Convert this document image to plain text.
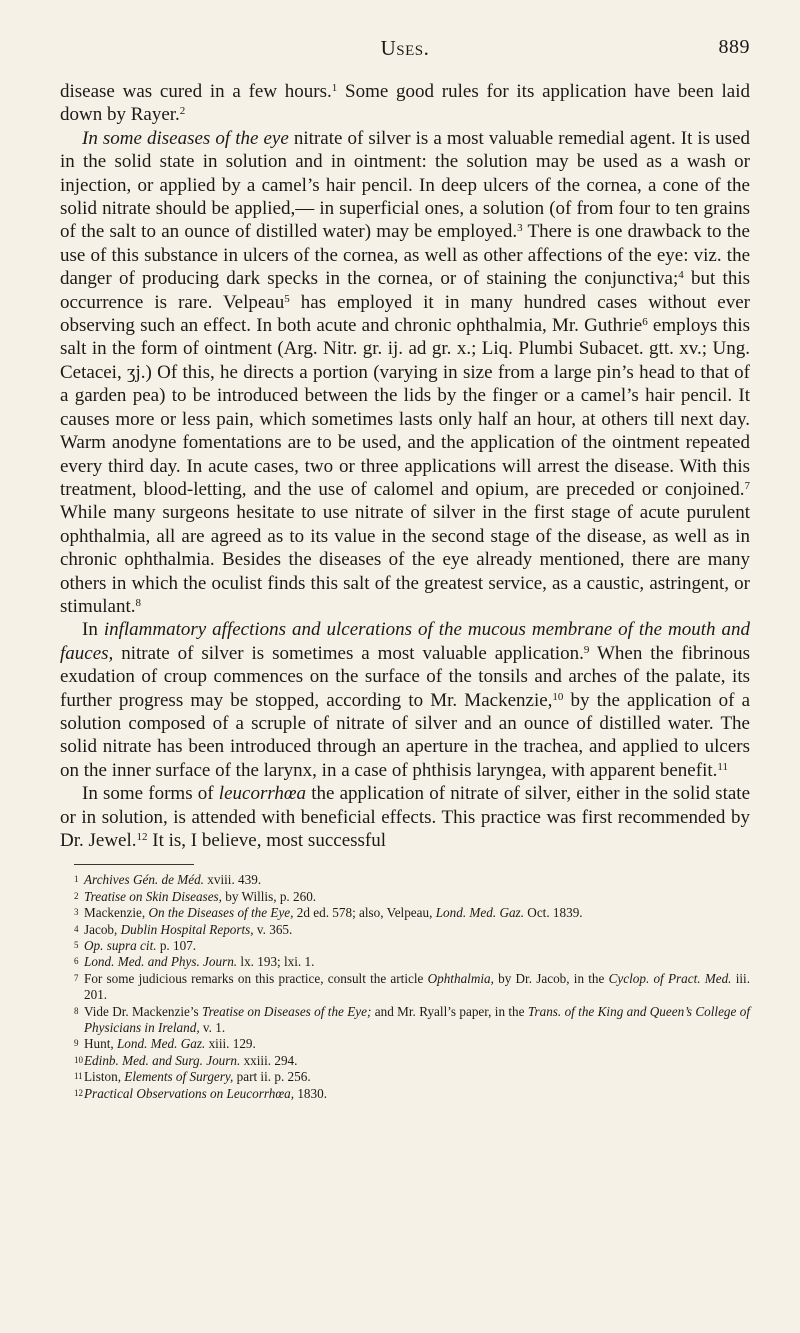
Uses.	889

disease was cured in a few hours.$^1$ Some good rules for its application have been laid down by Rayer.$^2$

In some diseases of the eye nitrate of silver is a most valuable remedial agent. It is used in the solid state in solution and in ointment: the solution may be used as a wash or injection, or applied by a camel’s hair pencil. In deep ulcers of the cornea, a cone of the solid nitrate should be applied,— in superficial ones, a solution (of from four to ten grains of the salt to an ounce of distilled water) may be employed.$^3$ There is one drawback to the use of this substance in ulcers of the cornea, as well as other affections of the eye: viz. the danger of producing dark specks in the cornea, or of staining the conjunctiva;$^4$ but this occurrence is rare. Velpeau$^5$ has employed it in many hundred cases without ever observing such an effect. In both acute and chronic ophthalmia, Mr. Guthrie$^6$ employs this salt in the form of ointment (Arg. Nitr. gr. ij. ad gr. x.; Liq. Plumbi Subacet. gtt. xv.; Ung. Cetacei, ʒj.) Of this, he directs a portion (varying in size from a large pin’s head to that of a garden pea) to be introduced between the lids by the finger or a camel’s hair pencil. It causes more or less pain, which sometimes lasts only half an hour, at others till next day. Warm anodyne fomentations are to be used, and the application of the ointment repeated every third day. In acute cases, two or three applications will arrest the disease. With this treatment, blood-letting, and the use of calomel and opium, are preceded or conjoined.$^7$ While many surgeons hesitate to use nitrate of silver in the first stage of acute purulent ophthalmia, all are agreed as to its value in the second stage of the disease, as well as in chronic ophthalmia. Besides the diseases of the eye already mentioned, there are many others in which the oculist finds this salt of the greatest service, as a caustic, astringent, or stimulant.$^8$

In inflammatory affections and ulcerations of the mucous membrane of the mouth and fauces, nitrate of silver is sometimes a most valuable application.$^9$ When the fibrinous exudation of croup commences on the surface of the tonsils and arches of the palate, its further progress may be stopped, according to Mr. Mackenzie,$^{10}$ by the application of a solution composed of a scruple of nitrate of silver and an ounce of distilled water. The solid nitrate has been introduced through an aperture in the trachea, and applied to ulcers on the inner surface of the larynx, in a case of phthisis laryngea, with apparent benefit.$^{11}$

In some forms of leucorrhœa the application of nitrate of silver, either in the solid state or in solution, is attended with beneficial effects. This practice was first recommended by Dr. Jewel.$^{12}$ It is, I believe, most successful

1 Archives Gén. de Méd. xviii. 439.
2 Treatise on Skin Diseases, by Willis, p. 260.
3 Mackenzie, On the Diseases of the Eye, 2d ed. 578; also, Velpeau, Lond. Med. Gaz. Oct. 1839.
4 Jacob, Dublin Hospital Reports, v. 365.
5 Op. supra cit. p. 107.
6 Lond. Med. and Phys. Journ. lx. 193; lxi. 1.
7 For some judicious remarks on this practice, consult the article Ophthalmia, by Dr. Jacob, in the Cyclop. of Pract. Med. iii. 201.
8 Vide Dr. Mackenzie’s Treatise on Diseases of the Eye; and Mr. Ryall’s paper, in the Trans. of the King and Queen’s College of Physicians in Ireland, v. 1.
9 Hunt, Lond. Med. Gaz. xiii. 129.
10 Edinb. Med. and Surg. Journ. xxiii. 294.
11 Liston, Elements of Surgery, part ii. p. 256.
12 Practical Observations on Leucorrhœa, 1830.
